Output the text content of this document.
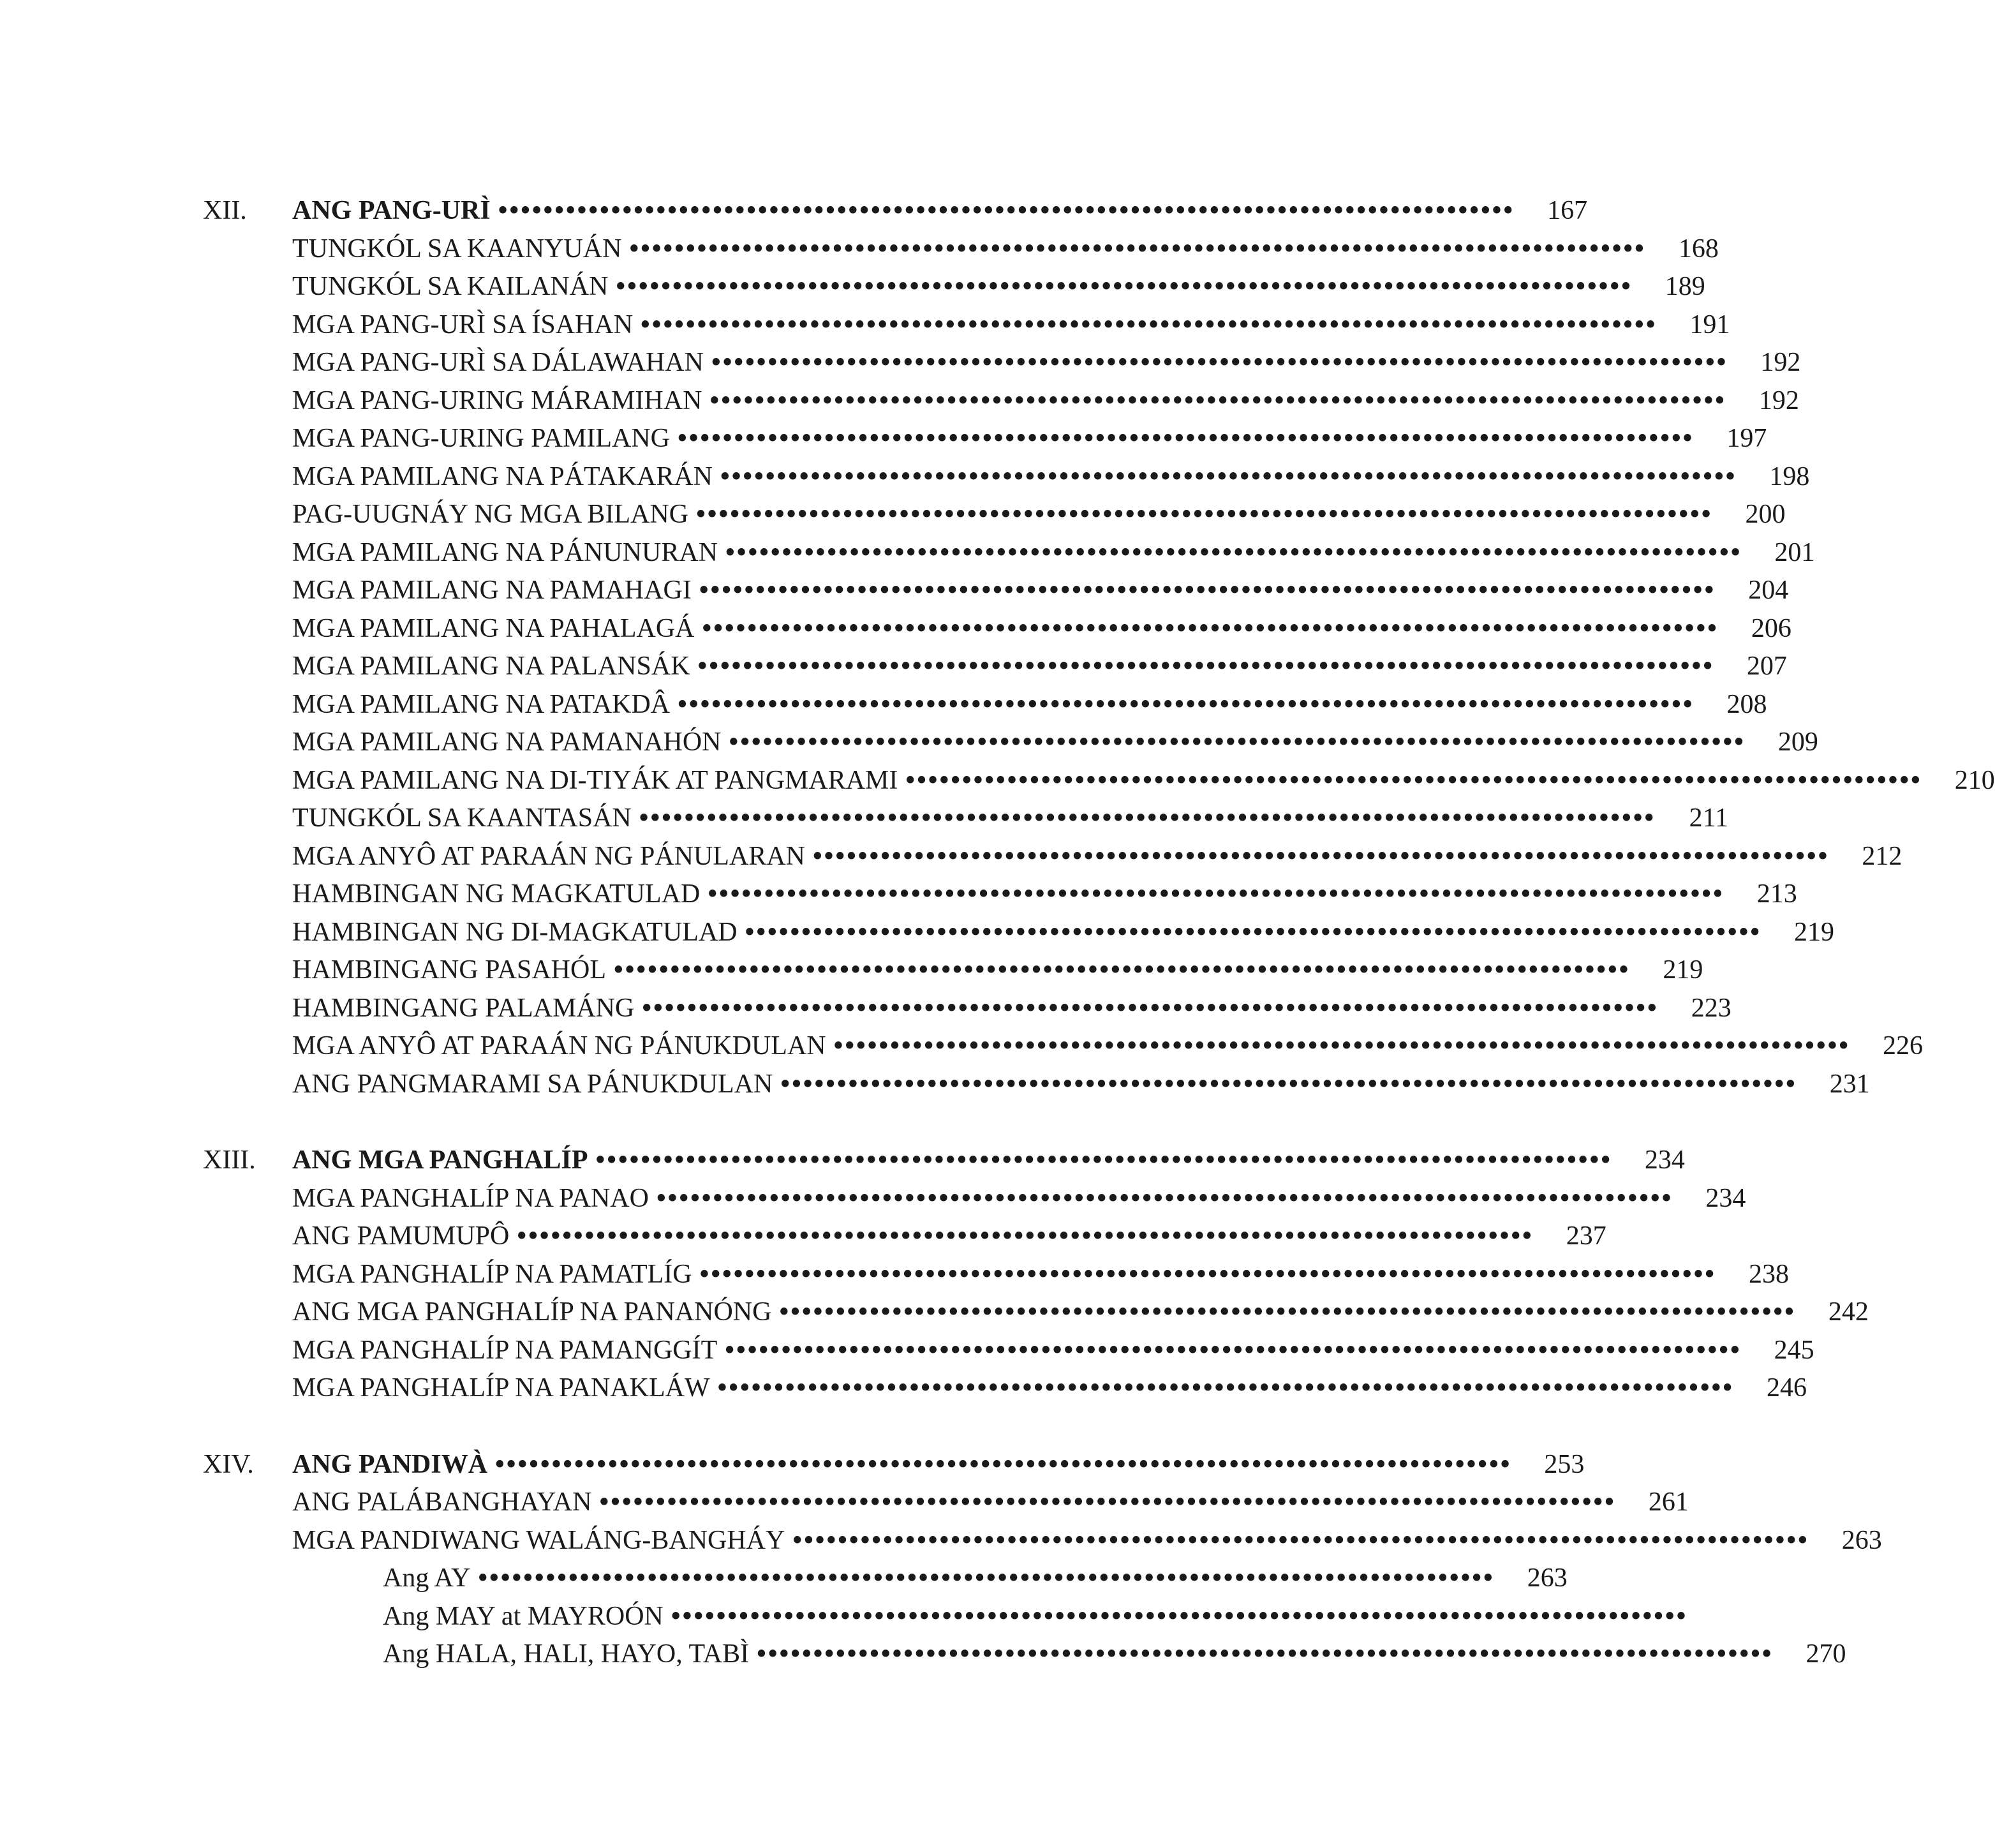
XII.	ANG PANG-URÌ ••••••••••••••••••••••••••••••••••••••••••••••••••••••••••••••••••••••••••••••••••••••••••	167
TUNGKÓL SA KAANYUÁN ••••••••••••••••••••••••••••••••••••••••••••••••••••••••••••••••••••••••••••••••••••••••••	168
TUNGKÓL SA KAILANÁN ••••••••••••••••••••••••••••••••••••••••••••••••••••••••••••••••••••••••••••••••••••••••••	189
MGA PANG-URÌ SA ÍSAHAN ••••••••••••••••••••••••••••••••••••••••••••••••••••••••••••••••••••••••••••••••••••••••••	191
MGA PANG-URÌ SA DÁLAWAHAN ••••••••••••••••••••••••••••••••••••••••••••••••••••••••••••••••••••••••••••••••••••••••••	192
MGA PANG-URING MÁRAMIHAN ••••••••••••••••••••••••••••••••••••••••••••••••••••••••••••••••••••••••••••••••••••••••••	192
MGA PANG-URING PAMILANG ••••••••••••••••••••••••••••••••••••••••••••••••••••••••••••••••••••••••••••••••••••••••••	197
MGA PAMILANG NA PÁTAKARÁN ••••••••••••••••••••••••••••••••••••••••••••••••••••••••••••••••••••••••••••••••••••••••••	198
PAG-UUGNÁY NG MGA BILANG ••••••••••••••••••••••••••••••••••••••••••••••••••••••••••••••••••••••••••••••••••••••••••	200
MGA PAMILANG NA PÁNUNURAN ••••••••••••••••••••••••••••••••••••••••••••••••••••••••••••••••••••••••••••••••••••••••••	201
MGA PAMILANG NA PAMAHAGI ••••••••••••••••••••••••••••••••••••••••••••••••••••••••••••••••••••••••••••••••••••••••••	204
MGA PAMILANG NA PAHALAGÁ ••••••••••••••••••••••••••••••••••••••••••••••••••••••••••••••••••••••••••••••••••••••••••	206
MGA PAMILANG NA PALANSÁK ••••••••••••••••••••••••••••••••••••••••••••••••••••••••••••••••••••••••••••••••••••••••••	207
MGA PAMILANG NA PATAKDÂ ••••••••••••••••••••••••••••••••••••••••••••••••••••••••••••••••••••••••••••••••••••••••••	208
MGA PAMILANG NA PAMANAHÓN ••••••••••••••••••••••••••••••••••••••••••••••••••••••••••••••••••••••••••••••••••••••••••	209
MGA PAMILANG NA DI-TIYÁK AT PANGMARAMI ••••••••••••••••••••••••••••••••••••••••••••••••••••••••••••••••••••••••••••••••••••••••••	210
TUNGKÓL SA KAANTASÁN ••••••••••••••••••••••••••••••••••••••••••••••••••••••••••••••••••••••••••••••••••••••••••	211
MGA ANYÔ AT PARAÁN NG PÁNULARAN ••••••••••••••••••••••••••••••••••••••••••••••••••••••••••••••••••••••••••••••••••••••••••	212
HAMBINGAN NG MAGKATULAD ••••••••••••••••••••••••••••••••••••••••••••••••••••••••••••••••••••••••••••••••••••••••••	213
HAMBINGAN NG DI-MAGKATULAD ••••••••••••••••••••••••••••••••••••••••••••••••••••••••••••••••••••••••••••••••••••••••••	219
HAMBINGANG PASAHÓL ••••••••••••••••••••••••••••••••••••••••••••••••••••••••••••••••••••••••••••••••••••••••••	219
HAMBINGANG PALAMÁNG ••••••••••••••••••••••••••••••••••••••••••••••••••••••••••••••••••••••••••••••••••••••••••	223
MGA ANYÔ AT PARAÁN NG PÁNUKDULAN ••••••••••••••••••••••••••••••••••••••••••••••••••••••••••••••••••••••••••••••••••••••••••	226
ANG PANGMARAMI SA PÁNUKDULAN ••••••••••••••••••••••••••••••••••••••••••••••••••••••••••••••••••••••••••••••••••••••••••	231
XIII.	ANG MGA PANGHALÍP ••••••••••••••••••••••••••••••••••••••••••••••••••••••••••••••••••••••••••••••••••••••••••	234
MGA PANGHALÍP NA PANAO ••••••••••••••••••••••••••••••••••••••••••••••••••••••••••••••••••••••••••••••••••••••••••	234
ANG PAMUMUPÔ ••••••••••••••••••••••••••••••••••••••••••••••••••••••••••••••••••••••••••••••••••••••••••	237
MGA PANGHALÍP NA PAMATLÍG ••••••••••••••••••••••••••••••••••••••••••••••••••••••••••••••••••••••••••••••••••••••••••	238
ANG MGA PANGHALÍP NA PANANÓNG ••••••••••••••••••••••••••••••••••••••••••••••••••••••••••••••••••••••••••••••••••••••••••	242
MGA PANGHALÍP NA PAMANGGÍT ••••••••••••••••••••••••••••••••••••••••••••••••••••••••••••••••••••••••••••••••••••••••••	245
MGA PANGHALÍP NA PANAKLÁW ••••••••••••••••••••••••••••••••••••••••••••••••••••••••••••••••••••••••••••••••••••••••••	246
XIV.	ANG PANDIWÀ ••••••••••••••••••••••••••••••••••••••••••••••••••••••••••••••••••••••••••••••••••••••••••	253
ANG PALÁBANGHAYAN ••••••••••••••••••••••••••••••••••••••••••••••••••••••••••••••••••••••••••••••••••••••••••	261
MGA PANDIWANG WALÁNG-BANGHÁY ••••••••••••••••••••••••••••••••••••••••••••••••••••••••••••••••••••••••••••••••••••••••••	263
Ang AY ••••••••••••••••••••••••••••••••••••••••••••••••••••••••••••••••••••••••••••••••••••••••••	263
Ang MAY at MAYROÓN ••••••••••••••••••••••••••••••••••••••••••••••••••••••••••••••••••••••••••••••••••••••••••
Ang HALA, HALI, HAYO, TABÌ ••••••••••••••••••••••••••••••••••••••••••••••••••••••••••••••••••••••••••••••••••••••••••	270
